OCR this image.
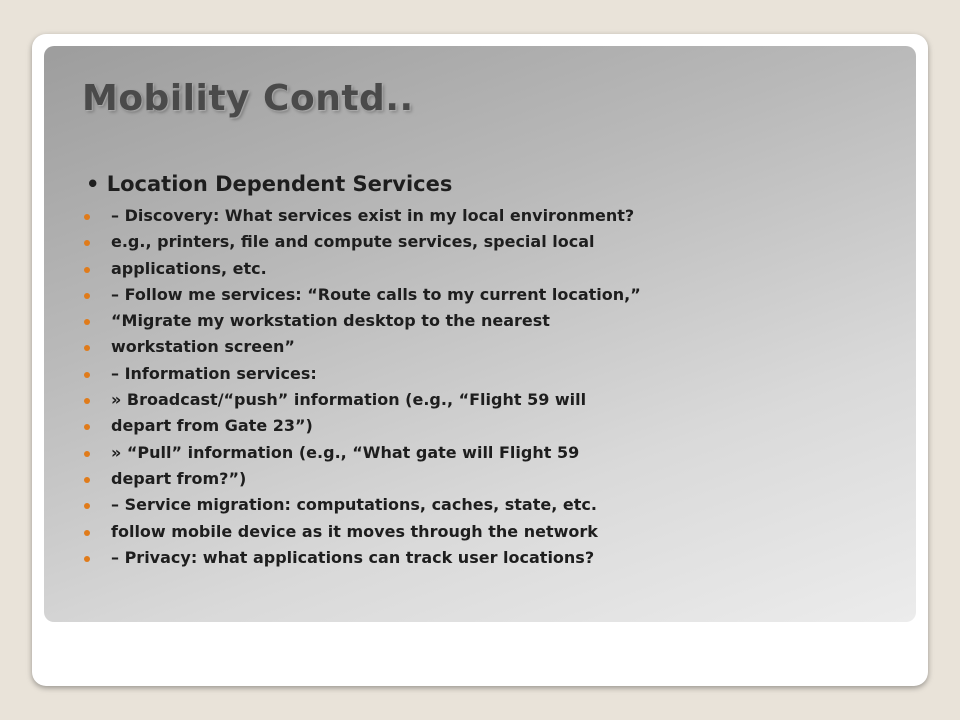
Mobility Contd..
• Location Dependent Services
– Discovery: What services exist in my local environment?
e.g., printers, file and compute services, special local
applications, etc.
– Follow me services: “Route calls to my current location,”
“Migrate my workstation desktop to the nearest
workstation screen”
– Information services:
» Broadcast/“push” information (e.g., “Flight 59 will
depart from Gate 23”)
» “Pull” information (e.g., “What gate will Flight 59
depart from?”)
– Service migration: computations, caches, state, etc.
follow mobile device as it moves through the network
– Privacy: what applications can track user locations?
